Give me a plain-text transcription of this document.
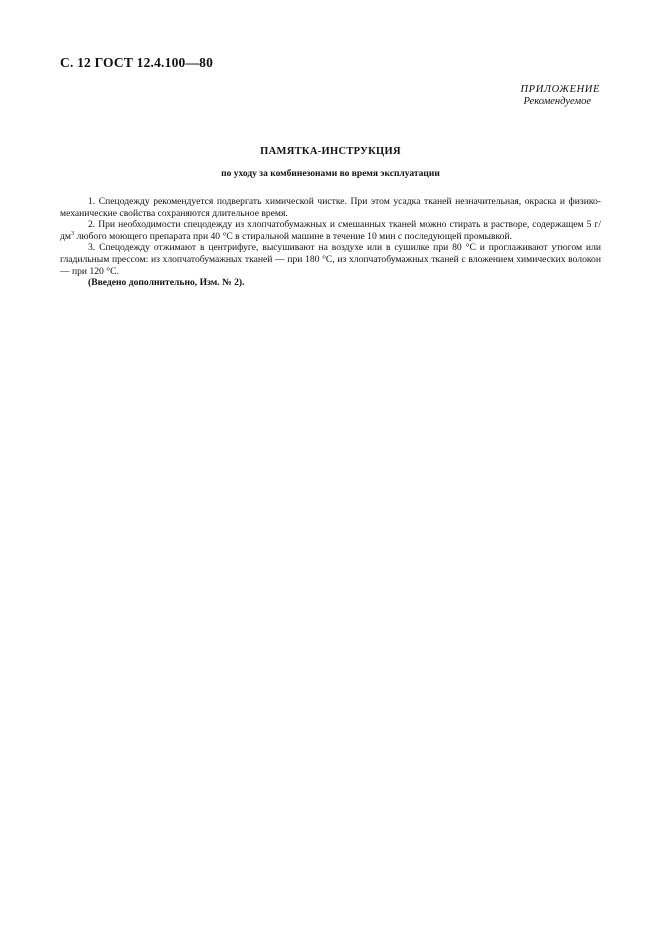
С. 12 ГОСТ 12.4.100—80
ПРИЛОЖЕНИЕ
Рекомендуемое
ПАМЯТКА-ИНСТРУКЦИЯ
по уходу за комбинезонами во время эксплуатации

1. Спецодежду рекомендуется подвергать химической чистке. При этом усадка тканей незначительная, окраска и физико-механические свойства сохраняются длительное время.

2. При необходимости спецодежду из хлопчатобумажных и смешанных тканей можно стирать в растворе, содержащем 5 $г/дм^3$ любого моющего препарата при 40 °С в стиральной машине в течение 10 мин с последующей промывкой.

3. Спецодежду отжимают в центрифуге, высушивают на воздухе или в сушилке при 80 °С и проглаживают утюгом или гладильным прессом: из хлопчатобумажных тканей — при 180 °С, из хлопчатобумажных тканей с вложением химических волокон — при 120 °С.

(Введено дополнительно, Изм. № 2).
